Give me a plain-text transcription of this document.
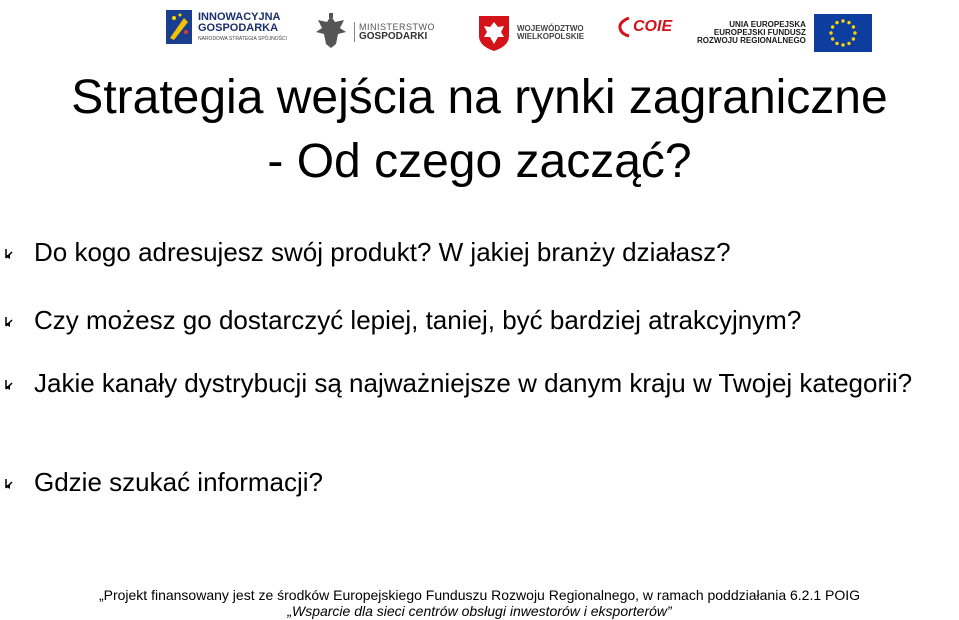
INNOWACYJNA
GOSPODARKA
NARODOWA STRATEGIA SPÓJNOŚCI
MINISTERSTWO
GOSPODARKI
WOJEWÓDZTWO
WIELKOPOLSKIE
COIE	UNIA EUROPEJSKA
EUROPEJSKI FUNDUSZ
ROZWOJU REGIONALNEGO
Strategia wejścia na rynki zagraniczne
- Od czego zacząć?
Do kogo adresujesz swój produkt? W jakiej branży działasz?
Czy możesz go dostarczyć lepiej, taniej, być bardziej atrakcyjnym?
Jakie kanały dystrybucji są najważniejsze w danym kraju w Twojej kategorii?
Gdzie szukać informacji?
„Projekt finansowany jest ze środków Europejskiego Funduszu Rozwoju Regionalnego, w ramach poddziałania 6.2.1 POIG
„Wsparcie dla sieci centrów obsługi inwestorów i eksporterów”
